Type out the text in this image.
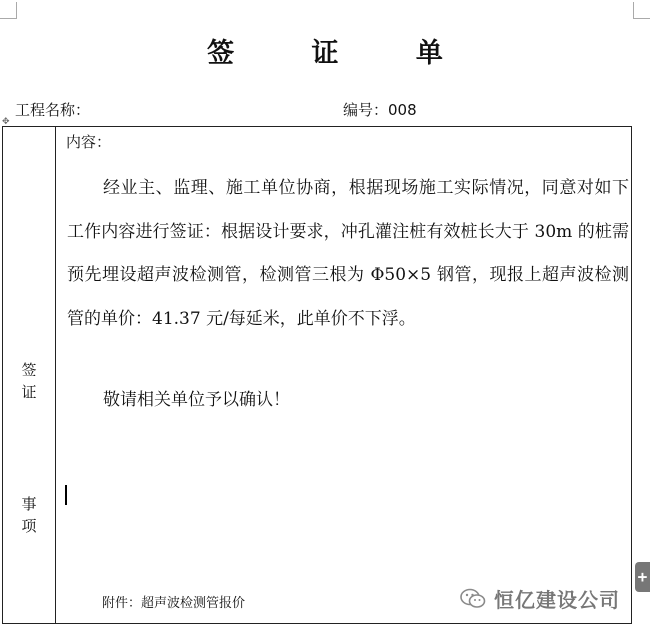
签 证 单
✥
工程名称：	编号：008
签
证
事
项
内容：

经业主、监理、施工单位协商，根据现场施工实际情况，同意对如下工作内容进行签证：根据设计要求，冲孔灌注桩有效桩长大于 30m 的桩需预先埋设超声波检测管，检测管三根为 Φ50×5 钢管，现报上超声波检测管的单价：41.37 元/每延米，此单价不下浮。

敬请相关单位予以确认！
附件：超声波检测管报价	恒亿建设公司
+
